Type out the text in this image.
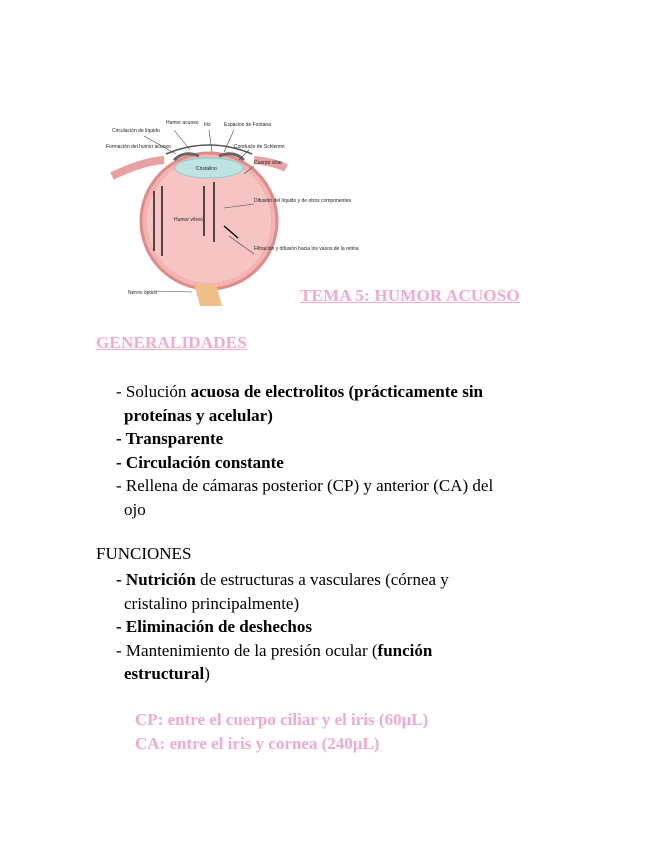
Circulación de líquido
Humor acuoso Iris	Espacios de Fontana
Formación del humor acuoso	Conducto de Schlemm
Cuerpo ciliar
Cristalino
Difusión del líquido y de otros componentes
Humor vítreo
Filtración y difusión hacia los vasos de la retina
Nervio óptico	TEMA 5: HUMOR ACUOSO
GENERALIDADES
- Solución acuosa de electrolitos (prácticamente sin
proteínas y acelular)
- Transparente
- Circulación constante
- Rellena de cámaras posterior (CP) y anterior (CA) del
ojo
FUNCIONES
- Nutrición de estructuras a vasculares (córnea y
cristalino principalmente)
- Eliminación de deshechos
- Mantenimiento de la presión ocular (función
estructural)
CP: entre el cuerpo ciliar y el iris (60μL)
CA: entre el iris y cornea (240μL)
